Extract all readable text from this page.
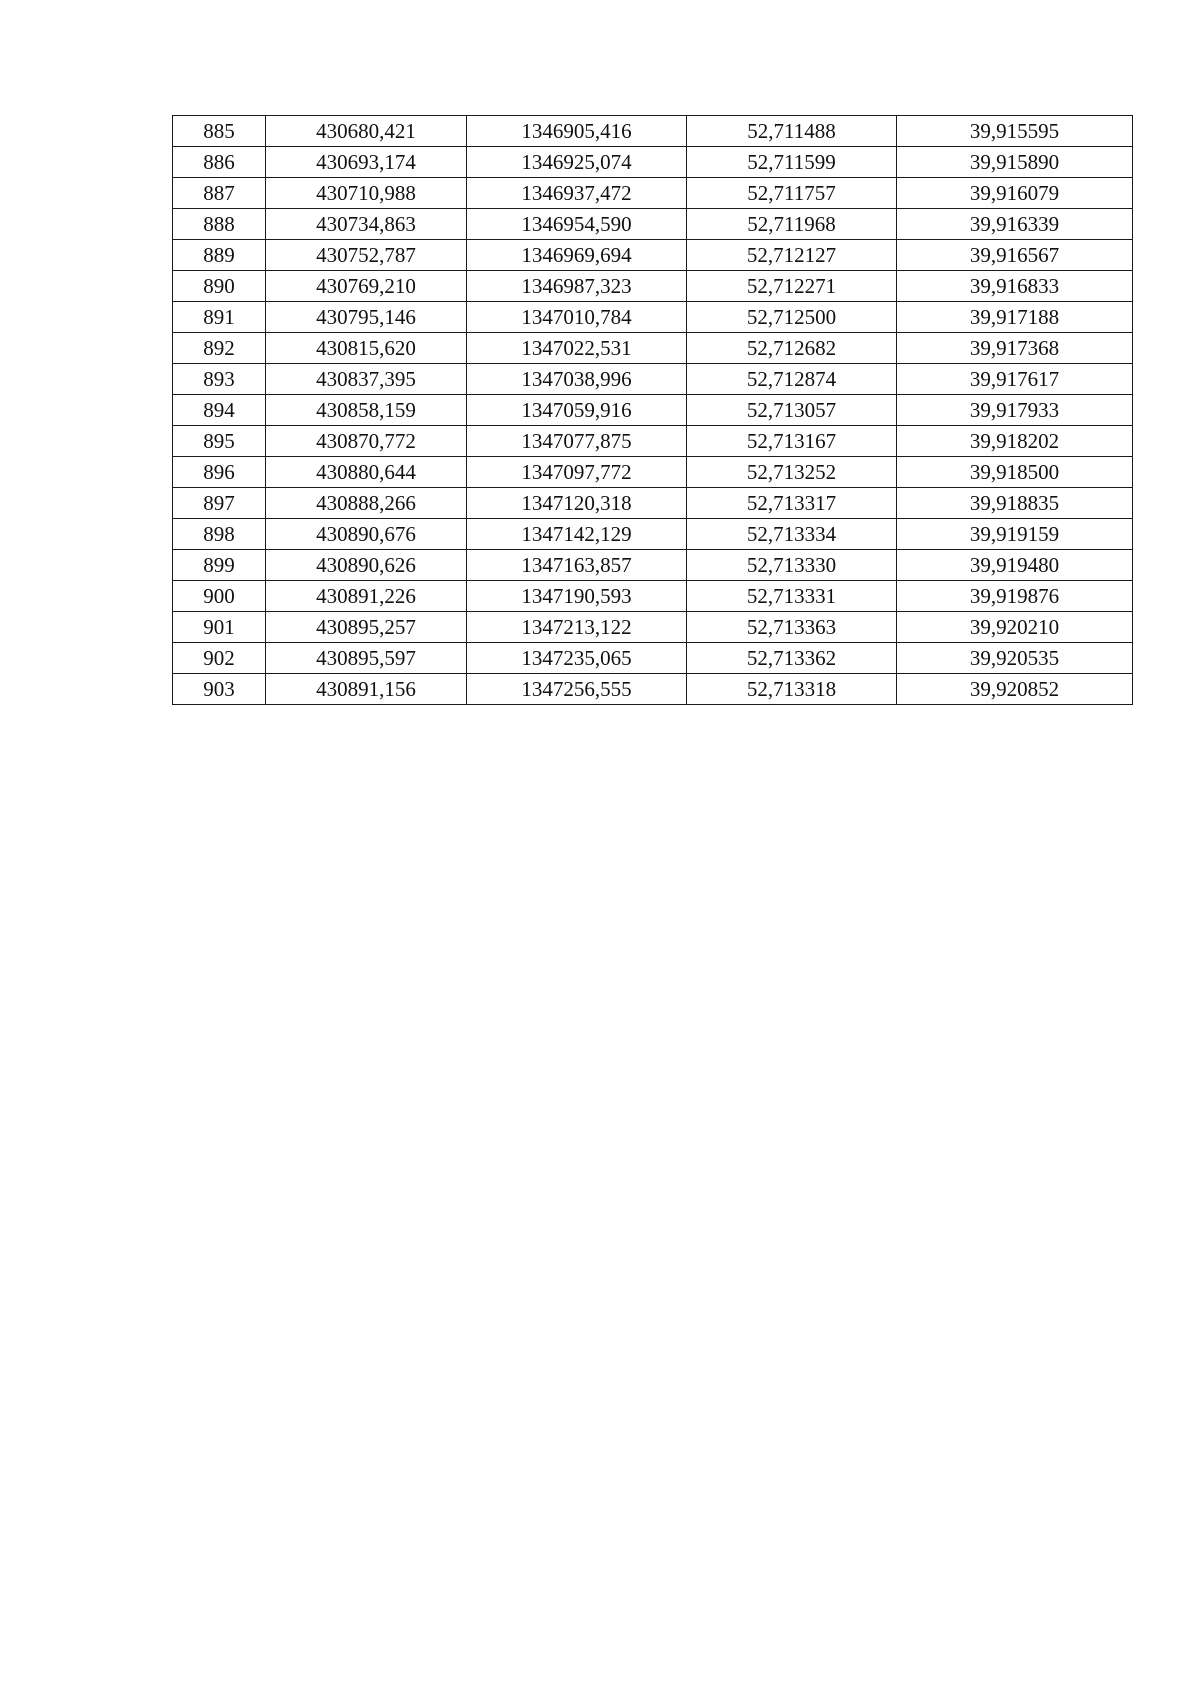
885	430680,421	1346905,416	52,711488	39,915595
886	430693,174	1346925,074	52,711599	39,915890
887	430710,988	1346937,472	52,711757	39,916079
888	430734,863	1346954,590	52,711968	39,916339
889	430752,787	1346969,694	52,712127	39,916567
890	430769,210	1346987,323	52,712271	39,916833
891	430795,146	1347010,784	52,712500	39,917188
892	430815,620	1347022,531	52,712682	39,917368
893	430837,395	1347038,996	52,712874	39,917617
894	430858,159	1347059,916	52,713057	39,917933
895	430870,772	1347077,875	52,713167	39,918202
896	430880,644	1347097,772	52,713252	39,918500
897	430888,266	1347120,318	52,713317	39,918835
898	430890,676	1347142,129	52,713334	39,919159
899	430890,626	1347163,857	52,713330	39,919480
900	430891,226	1347190,593	52,713331	39,919876
901	430895,257	1347213,122	52,713363	39,920210
902	430895,597	1347235,065	52,713362	39,920535
903	430891,156	1347256,555	52,713318	39,920852
